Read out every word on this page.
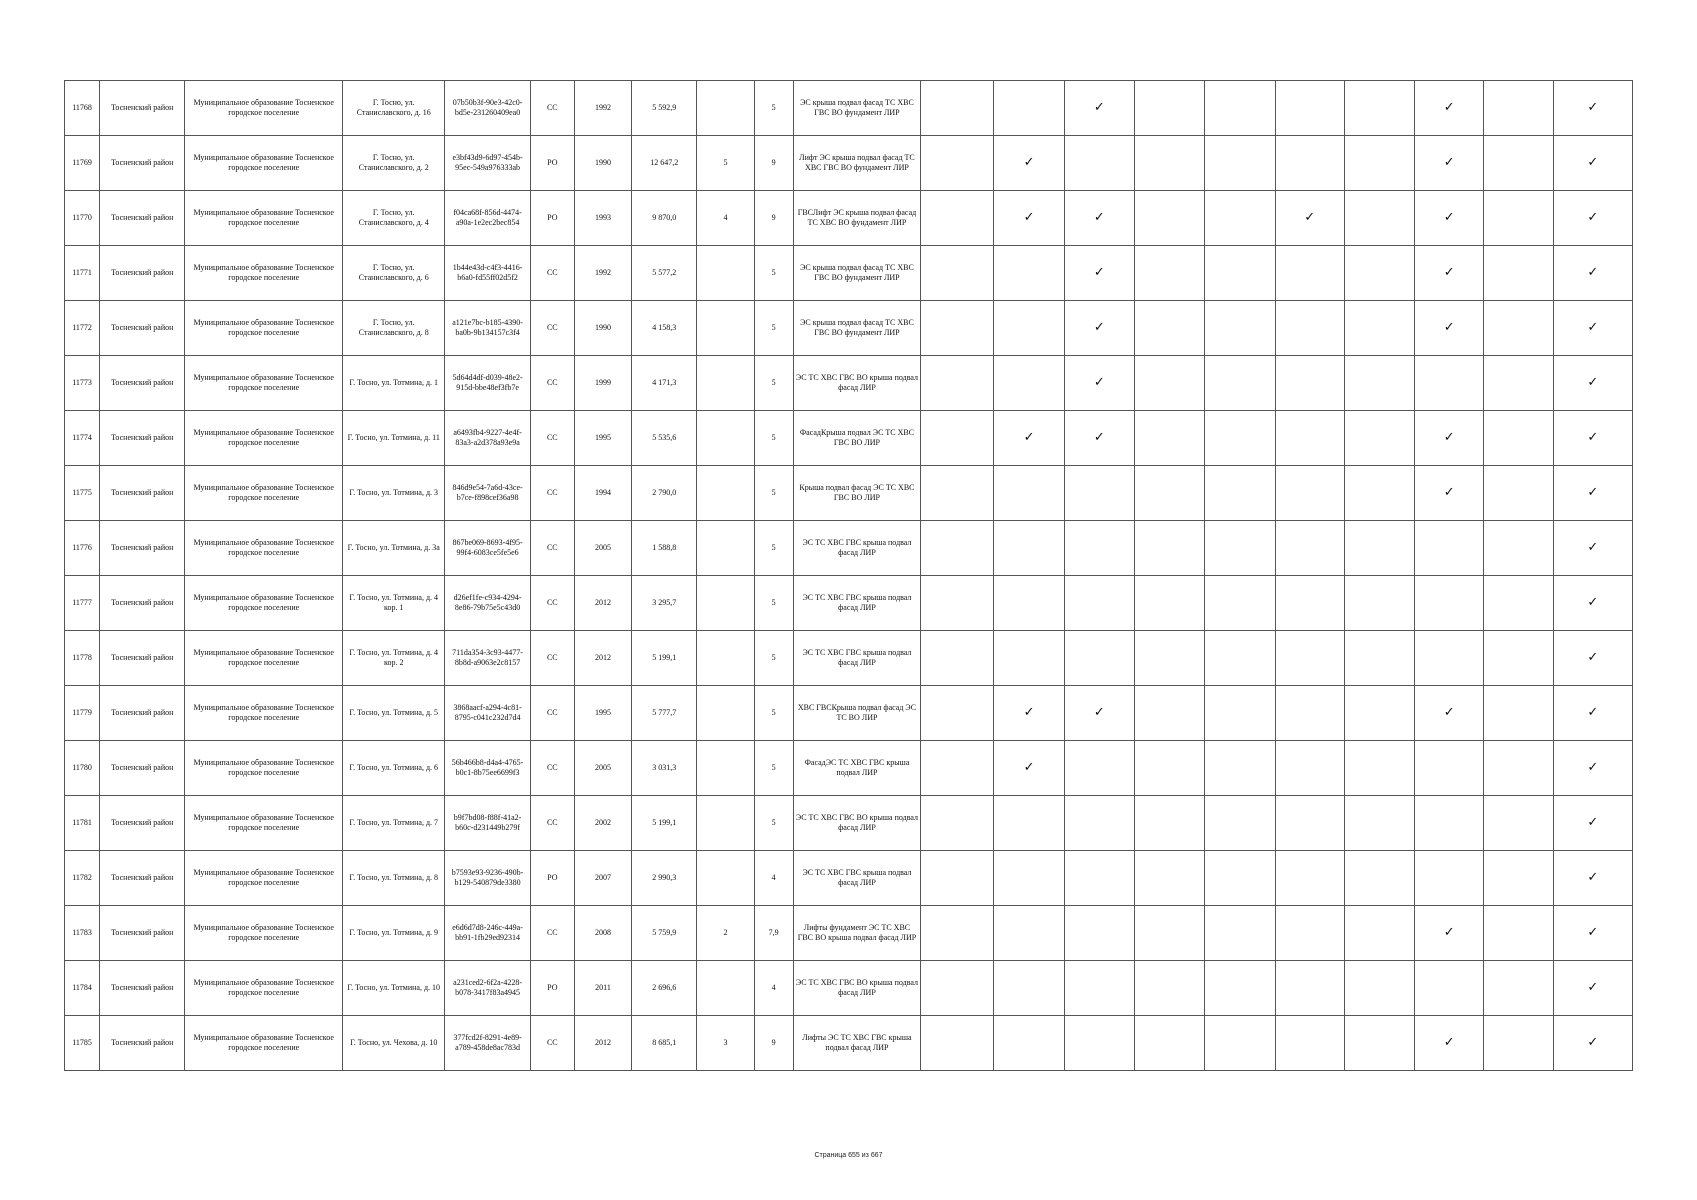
11768	Тосненский район	Муниципальное образование Тосненское городское поселение	Г. Тосно, ул. Станиславского, д. 16	07b50b3f-90e3-42c0-bd5e-231260409ea0	СС	1992	5 592,9		5	ЭС крыша подвал фасад ТС ХВС ГВС ВО фундамент ЛИР			✓					✓		✓
11769	Тосненский район	Муниципальное образование Тосненское городское поселение	Г. Тосно, ул. Станиславского, д. 2	e3bf43d9-6d97-454b-95ec-549a976333ab	РО	1990	12 647,2	5	9	Лифт ЭС крыша подвал фасад ТС ХВС ГВС ВО фундамент ЛИР		✓						✓		✓
11770	Тосненский район	Муниципальное образование Тосненское городское поселение	Г. Тосно, ул. Станиславского, д. 4	f04ca68f-856d-4474-a90a-1e2ec2bec854	РО	1993	9 870,0	4	9	ГВСЛифт ЭС крыша подвал фасад ТС ХВС ВО фундамент ЛИР		✓	✓			✓		✓		✓
11771	Тосненский район	Муниципальное образование Тосненское городское поселение	Г. Тосно, ул. Станиславского, д. 6	1b44e43d-c4f3-4416-b6a0-fd55ff02d5f2	СС	1992	5 577,2		5	ЭС крыша подвал фасад ТС ХВС ГВС ВО фундамент ЛИР			✓					✓		✓
11772	Тосненский район	Муниципальное образование Тосненское городское поселение	Г. Тосно, ул. Станиславского, д. 8	a121e7bc-b185-4390-ba0b-9b134157c3f4	СС	1990	4 158,3		5	ЭС крыша подвал фасад ТС ХВС ГВС ВО фундамент ЛИР			✓					✓		✓
11773	Тосненский район	Муниципальное образование Тосненское городское поселение	Г. Тосно, ул. Тотмина, д. 1	5d64d4df-d039-48e2-915d-bbe48ef3fb7e	СС	1999	4 171,3		5	ЭС ТС ХВС ГВС ВО крыша подвал фасад ЛИР			✓							✓
11774	Тосненский район	Муниципальное образование Тосненское городское поселение	Г. Тосно, ул. Тотмина, д. 11	a6493fb4-9227-4e4f-83a3-a2d378a93e9a	СС	1995	5 535,6		5	ФасадКрыша подвал ЭС ТС ХВС ГВС ВО ЛИР		✓	✓					✓		✓
11775	Тосненский район	Муниципальное образование Тосненское городское поселение	Г. Тосно, ул. Тотмина, д. 3	846d9e54-7a6d-43ce-b7ce-f898cef36a98	СС	1994	2 790,0		5	Крыша подвал фасад ЭС ТС ХВС ГВС ВО ЛИР								✓		✓
11776	Тосненский район	Муниципальное образование Тосненское городское поселение	Г. Тосно, ул. Тотмина, д. 3а	867be069-8693-4f95-99f4-6083ce5fe5e6	СС	2005	1 588,8		5	ЭС ТС ХВС ГВС крыша подвал фасад ЛИР										✓
11777	Тосненский район	Муниципальное образование Тосненское городское поселение	Г. Тосно, ул. Тотмина, д. 4 кор. 1	d26ef1fe-c934-4294-8e86-79b75e5c43d0	СС	2012	3 295,7		5	ЭС ТС ХВС ГВС крыша подвал фасад ЛИР										✓
11778	Тосненский район	Муниципальное образование Тосненское городское поселение	Г. Тосно, ул. Тотмина, д. 4 кор. 2	711da354-3c93-4477-8b8d-a9063e2c8157	СС	2012	5 199,1		5	ЭС ТС ХВС ГВС крыша подвал фасад ЛИР										✓
11779	Тосненский район	Муниципальное образование Тосненское городское поселение	Г. Тосно, ул. Тотмина, д. 5	3868aacf-a294-4c81-8795-c041c232d7d4	СС	1995	5 777,7		5	ХВС ГВСКрыша подвал фасад ЭС ТС ВО ЛИР		✓	✓					✓		✓
11780	Тосненский район	Муниципальное образование Тосненское городское поселение	Г. Тосно, ул. Тотмина, д. 6	56b466b8-d4a4-4765-b0c1-8b75ee6699f3	СС	2005	3 031,3		5	ФасадЭС ТС ХВС ГВС крыша подвал ЛИР		✓								✓
11781	Тосненский район	Муниципальное образование Тосненское городское поселение	Г. Тосно, ул. Тотмина, д. 7	b9f7bd08-f88f-41a2-b60c-d231449b279f	СС	2002	5 199,1		5	ЭС ТС ХВС ГВС ВО крыша подвал фасад ЛИР										✓
11782	Тосненский район	Муниципальное образование Тосненское городское поселение	Г. Тосно, ул. Тотмина, д. 8	b7593e93-9236-490b-b129-540879de3380	РО	2007	2 990,3		4	ЭС ТС ХВС ГВС крыша подвал фасад ЛИР										✓
11783	Тосненский район	Муниципальное образование Тосненское городское поселение	Г. Тосно, ул. Тотмина, д. 9	e6d6d7d8-246c-449a-bb91-1fb29ed92314	СС	2008	5 759,9	2	7,9	Лифты фундамент ЭС ТС ХВС ГВС ВО крыша подвал фасад ЛИР								✓		✓
11784	Тосненский район	Муниципальное образование Тосненское городское поселение	Г. Тосно, ул. Тотмина, д. 10	a231ced2-6f2a-4228-b078-3417f83a4945	РО	2011	2 696,6		4	ЭС ТС ХВС ГВС ВО крыша подвал фасад ЛИР										✓
11785	Тосненский район	Муниципальное образование Тосненское городское поселение	Г. Тосно, ул. Чехова, д. 10	377fcd2f-8291-4e89-a789-458de8ac783d	СС	2012	8 685,1	3	9	Лифты ЭС ТС ХВС ГВС крыша подвал фасад ЛИР								✓		✓
Страница 655 из 667
